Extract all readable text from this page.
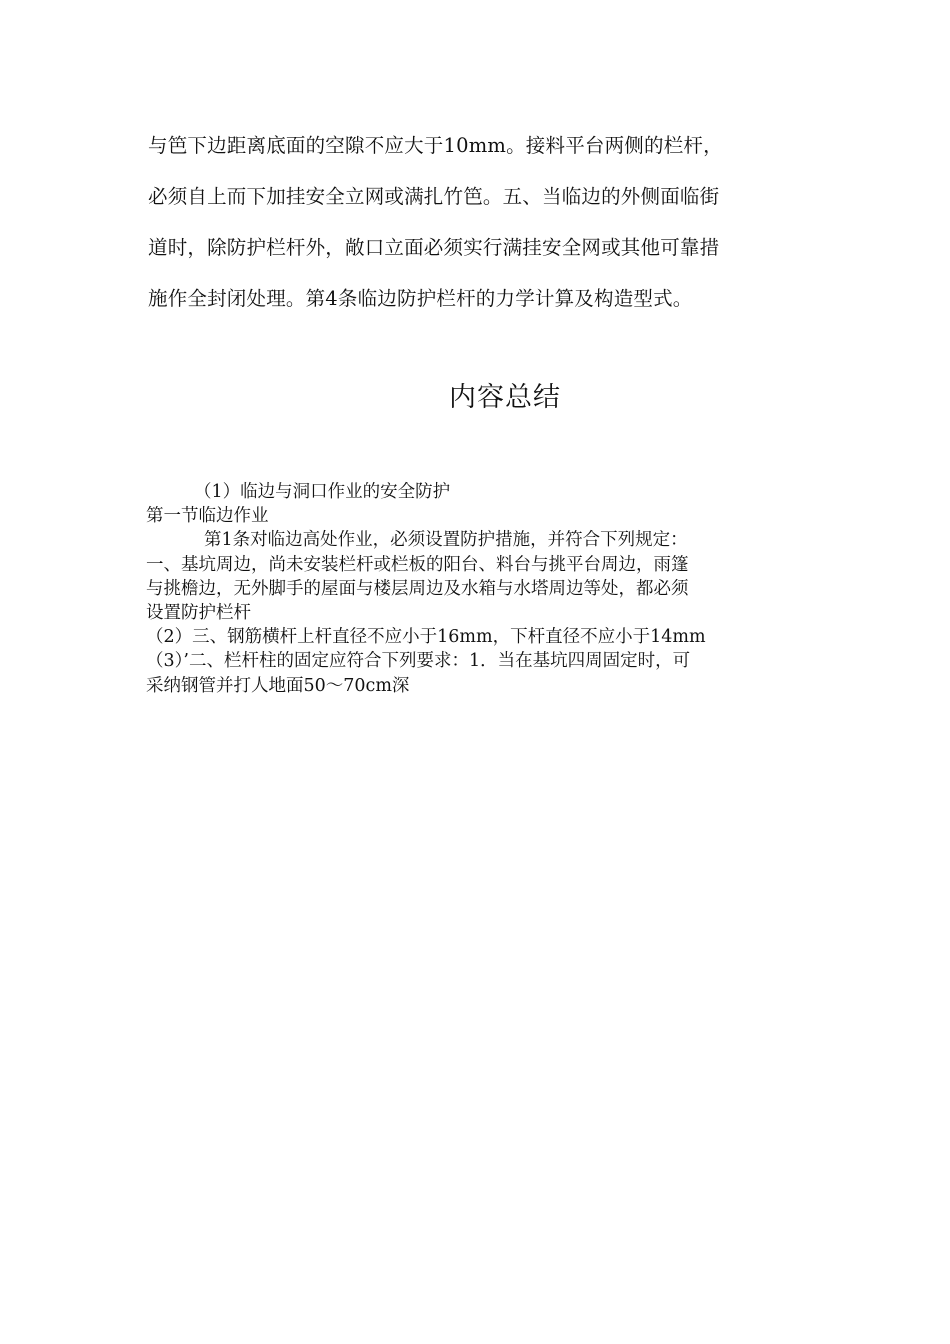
与笆下边距离底面的空隙不应大于10mm。接料平台两侧的栏杆，
必须自上而下加挂安全立网或满扎竹笆。五、当临边的外侧面临街
道时，除防护栏杆外，敞口立面必须实行满挂安全网或其他可靠措
施作全封闭处理。第4条临边防护栏杆的力学计算及构造型式。
内容总结
（1）临边与洞口作业的安全防护
第一节临边作业
第1条对临边高处作业，必须设置防护措施，并符合下列规定：
一、基坑周边，尚未安装栏杆或栏板的阳台、料台与挑平台周边，雨篷
与挑檐边，无外脚手的屋面与楼层周边及水箱与水塔周边等处，都必须
设置防护栏杆
（2）三、钢筋横杆上杆直径不应小于16mm，下杆直径不应小于14mm
（3）’二、栏杆柱的固定应符合下列要求：1．当在基坑四周固定时，可
采纳钢管并打人地面50～70cm深
